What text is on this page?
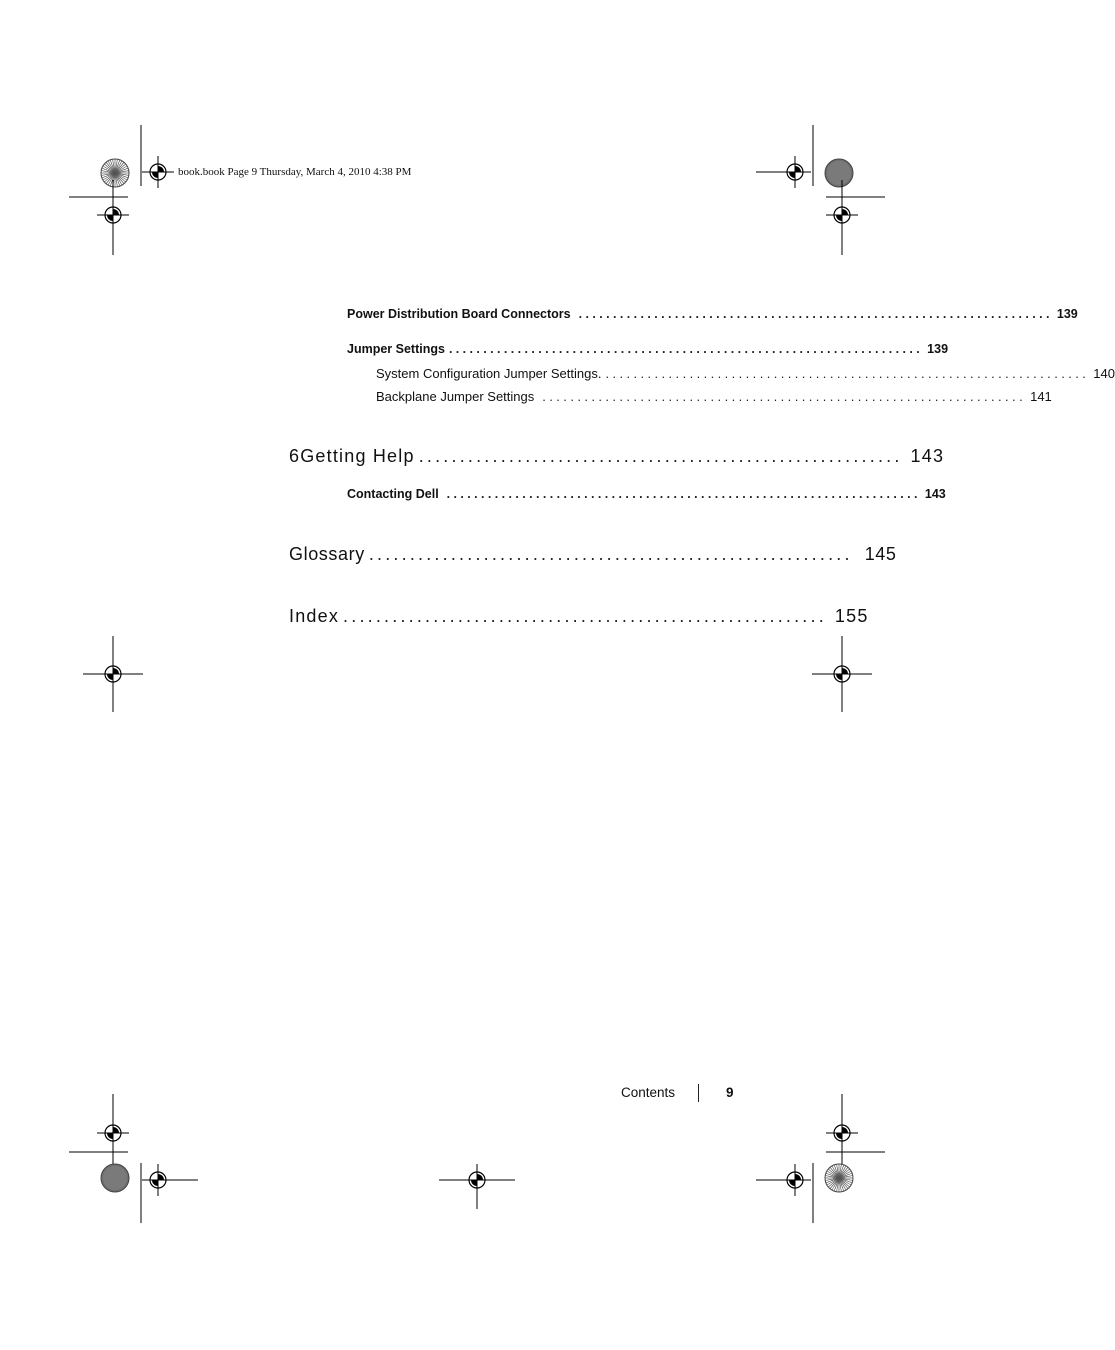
book.book Page 9 Thursday, March 4, 2010 4:38 PM
Power Distribution Board Connectors ..................................................................... 139
Jumper Settings ..................................................................... 139
System Configuration Jumper Settings. ..................................................................... 140
Backplane Jumper Settings ..................................................................... 141
6 Getting Help ........................................................... 143
Contacting Dell ..................................................................... 143
Glossary ........................................................... 145
Index ........................................................... 155
Contents	9
